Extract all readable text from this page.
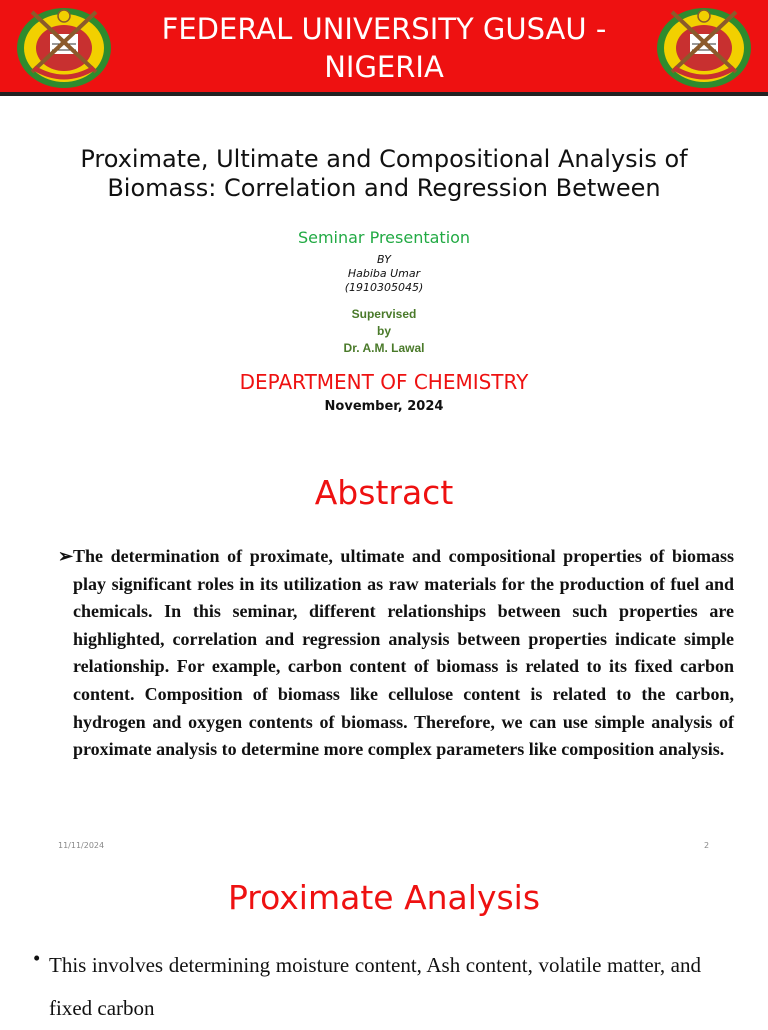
FEDERAL UNIVERSITY GUSAU - NIGERIA
Proximate, Ultimate and Compositional Analysis of Biomass: Correlation and Regression Between
Seminar Presentation
BY
Habiba Umar
(1910305045)
Supervised
by
Dr. A.M. Lawal
DEPARTMENT OF CHEMISTRY
November, 2024
Abstract
➢ The determination of proximate, ultimate and compositional properties of biomass play significant roles in its utilization as raw materials for the production of fuel and chemicals. In this seminar, different relationships between such properties are highlighted, correlation and regression analysis between properties indicate simple relationship. For example, carbon content of biomass is related to its fixed carbon content. Composition of biomass like cellulose content is related to the carbon, hydrogen and oxygen contents of biomass. Therefore, we can use simple analysis of proximate analysis to determine more complex parameters like composition analysis.
11/11/2024	2
Proximate Analysis
• This involves determining moisture content, Ash content, volatile matter, and fixed carbon
